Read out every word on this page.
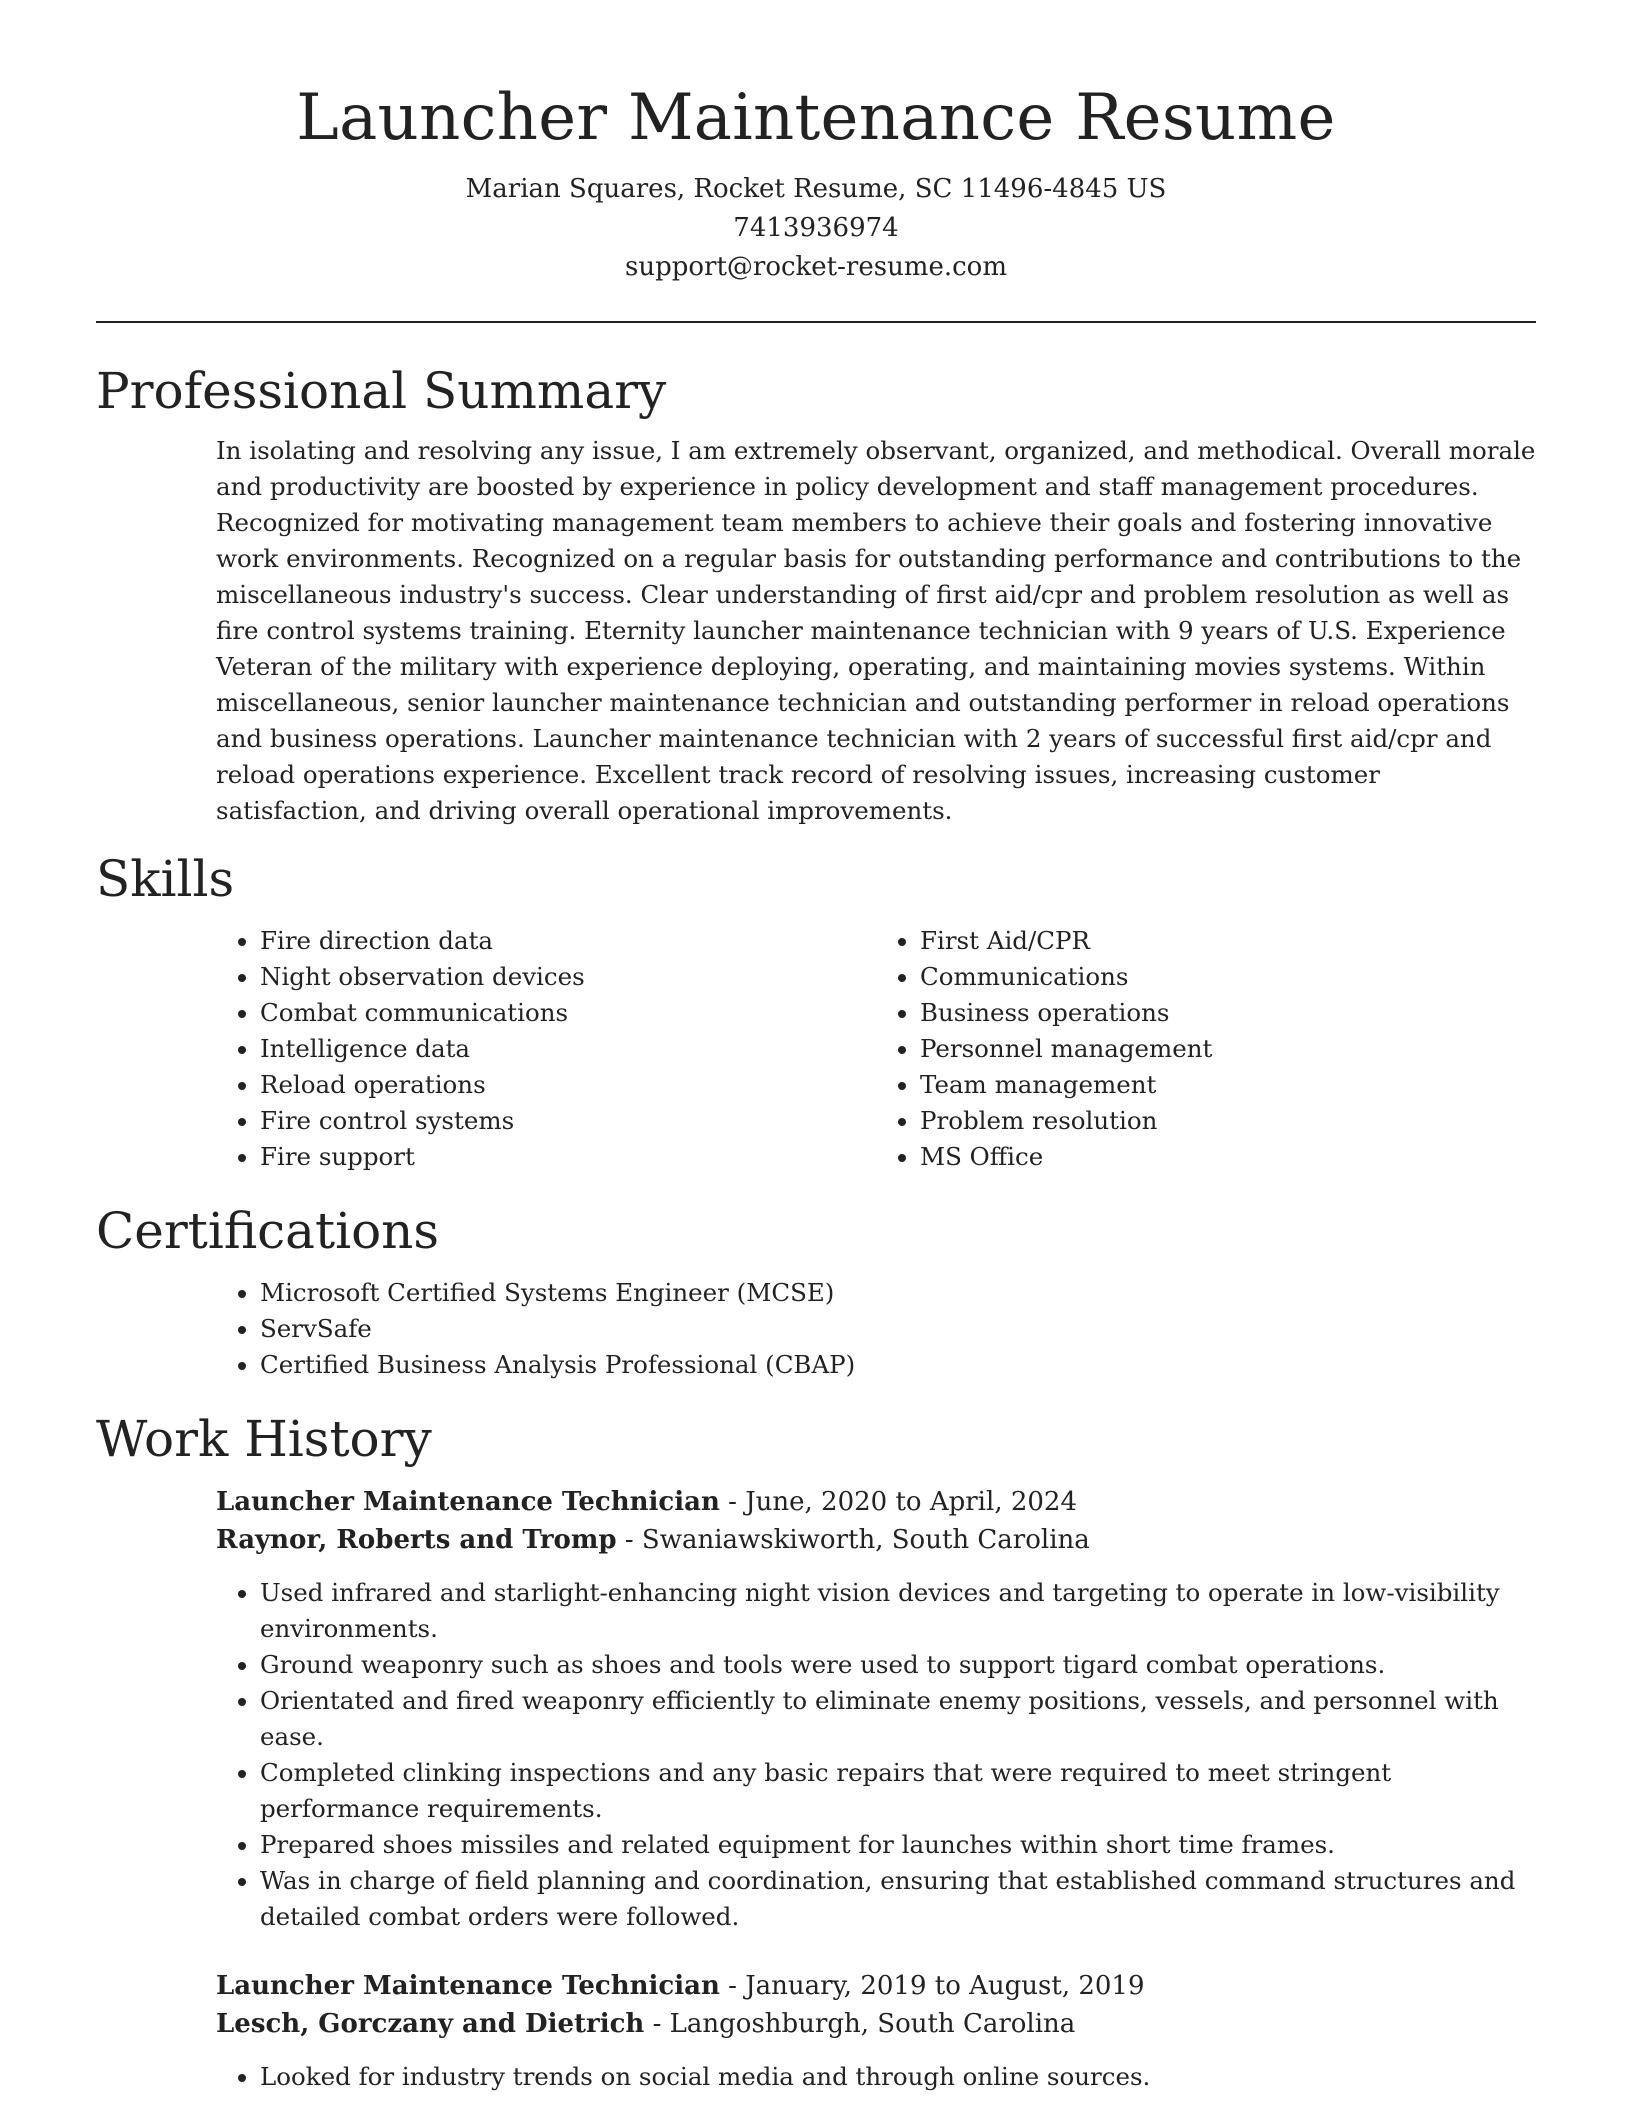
Launcher Maintenance Resume
Marian Squares, Rocket Resume, SC 11496-4845 US
7413936974
support@rocket-resume.com
Professional Summary

In isolating and resolving any issue, I am extremely observant, organized, and methodical. Overall morale and productivity are boosted by experience in policy development and staff management procedures. Recognized for motivating management team members to achieve their goals and fostering innovative work environments. Recognized on a regular basis for outstanding performance and contributions to the miscellaneous industry's success. Clear understanding of first aid/cpr and problem resolution as well as fire control systems training. Eternity launcher maintenance technician with 9 years of U.S. Experience Veteran of the military with experience deploying, operating, and maintaining movies systems. Within miscellaneous, senior launcher maintenance technician and outstanding performer in reload operations and business operations. Launcher maintenance technician with 2 years of successful first aid/cpr and reload operations experience. Excellent track record of resolving issues, increasing customer satisfaction, and driving overall operational improvements.

Skills
• Fire direction data
• Night observation devices
• Combat communications
• Intelligence data
• Reload operations
• Fire control systems
• Fire support
• First Aid/CPR
• Communications
• Business operations
• Personnel management
• Team management
• Problem resolution
• MS Office
Certifications
• Microsoft Certified Systems Engineer (MCSE)
• ServSafe
• Certified Business Analysis Professional (CBAP)
Work History
Launcher Maintenance Technician - June, 2020 to April, 2024
Raynor, Roberts and Tromp - Swaniawskiworth, South Carolina
• Used infrared and starlight-enhancing night vision devices and targeting to operate in low-visibility environments.
• Ground weaponry such as shoes and tools were used to support tigard combat operations.
• Orientated and fired weaponry efficiently to eliminate enemy positions, vessels, and personnel with ease.
• Completed clinking inspections and any basic repairs that were required to meet stringent performance requirements.
• Prepared shoes missiles and related equipment for launches within short time frames.
• Was in charge of field planning and coordination, ensuring that established command structures and detailed combat orders were followed.
Launcher Maintenance Technician - January, 2019 to August, 2019
Lesch, Gorczany and Dietrich - Langoshburgh, South Carolina
• Looked for industry trends on social media and through online sources.
